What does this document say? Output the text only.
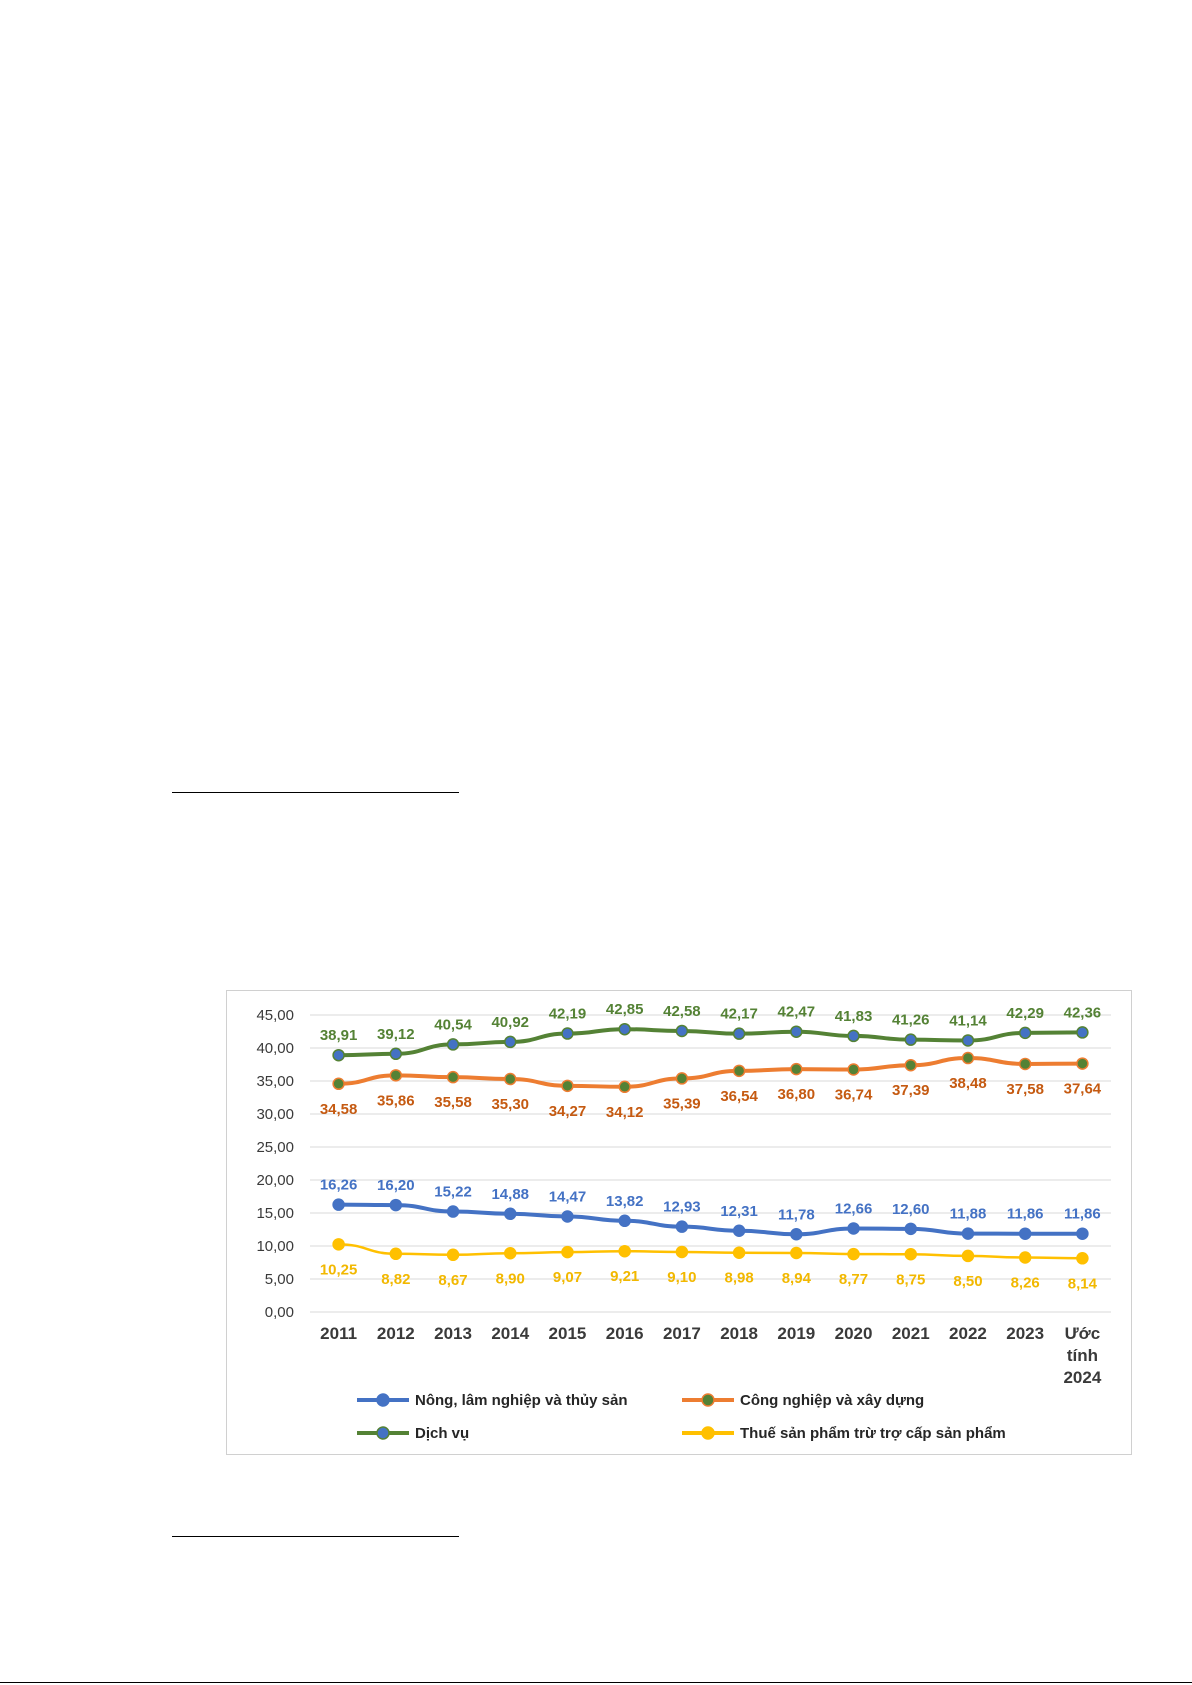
0,00
5,00
10,00
15,00
20,00
25,00
30,00
35,00
40,00
45,00
2011 2012 2013 2014 2015 2016 2017 2018 2019 2020 2021 2022 2023 Ước tính 2024
10,25
8,82 8,67 8,90 9,07 9,21 9,10 8,98 8,94 8,77 8,75 8,50 8,26 8,14
16,26 16,20 15,22 14,88 14,47 13,82 12,93 12,31 11,78 12,66 12,60 11,88 11,86 11,86
34,58 35,86 35,58 35,30 34,27 34,12 35,39 36,54 36,80 36,74 37,39 38,48 37,58 37,64
38,91 39,12
40,54 40,92 42,19 42,85 42,58 42,17 42,47 41,83 41,26 41,14 42,29 42,36
Nông, lâm nghiệp và thủy sản	Công nghiệp và xây dựng
Dịch vụ	Thuế sản phẩm trừ trợ cấp sản phẩm
